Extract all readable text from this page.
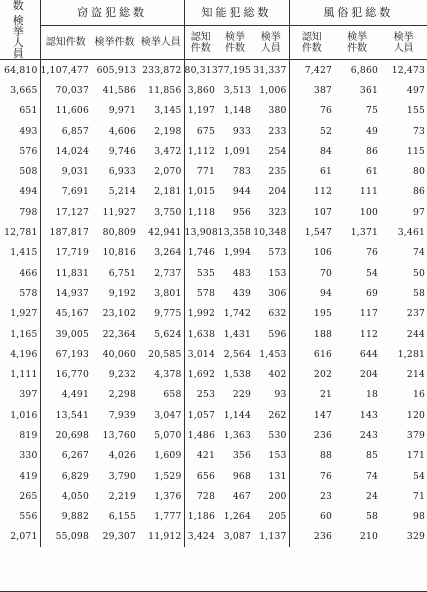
数
検挙人員	窃盗犯総数			知能犯総数			風俗犯総数		
	認知件数	検挙件数	検挙人員	認知件数	検挙件数	検挙人員	認知件数	検挙件数	検挙人員
64,810	1,107,477	605,913	233,872	80,313	77,195	31,337	7,427	6,860	12,473
3,665	70,037	41,586	11,856	3,860	3,513	1,006	387	361	497
651	11,606	9,971	3,145	1,197	1,148	380	76	75	155
493	6,857	4,606	2,198	675	933	233	52	49	73
576	14,024	9,746	3,472	1,112	1,091	254	84	86	115
508	9,031	6,933	2,070	771	783	235	61	61	80
494	7,691	5,214	2,181	1,015	944	204	112	111	86
798	17,127	11,927	3,750	1,118	956	323	107	100	97
12,781	187,817	80,809	42,941	13,908	13,358	10,348	1,547	1,371	3,461
1,415	17,719	10,816	3,264	1,746	1,994	573	106	76	74
466	11,831	6,751	2,737	535	483	153	70	54	50
578	14,937	9,192	3,801	578	439	306	94	69	58
1,927	45,167	23,102	9,775	1,992	1,742	632	195	117	237
1,165	39,005	22,364	5,624	1,638	1,431	596	188	112	244
4,196	67,193	40,060	20,585	3,014	2,564	1,453	616	644	1,281
1,111	16,770	9,232	4,378	1,692	1,538	402	202	204	214
397	4,491	2,298	658	253	229	93	21	18	16
1,016	13,541	7,939	3,047	1,057	1,144	262	147	143	120
819	20,698	13,760	5,070	1,486	1,363	530	236	243	379
330	6,267	4,026	1,609	421	356	153	88	85	171
419	6,829	3,790	1,529	656	968	131	76	74	54
265	4,050	2,219	1,376	728	467	200	23	24	71
556	9,882	6,155	1,777	1,186	1,264	205	60	58	98
2,071	55,098	29,307	11,912	3,424	3,087	1,137	236	210	329
